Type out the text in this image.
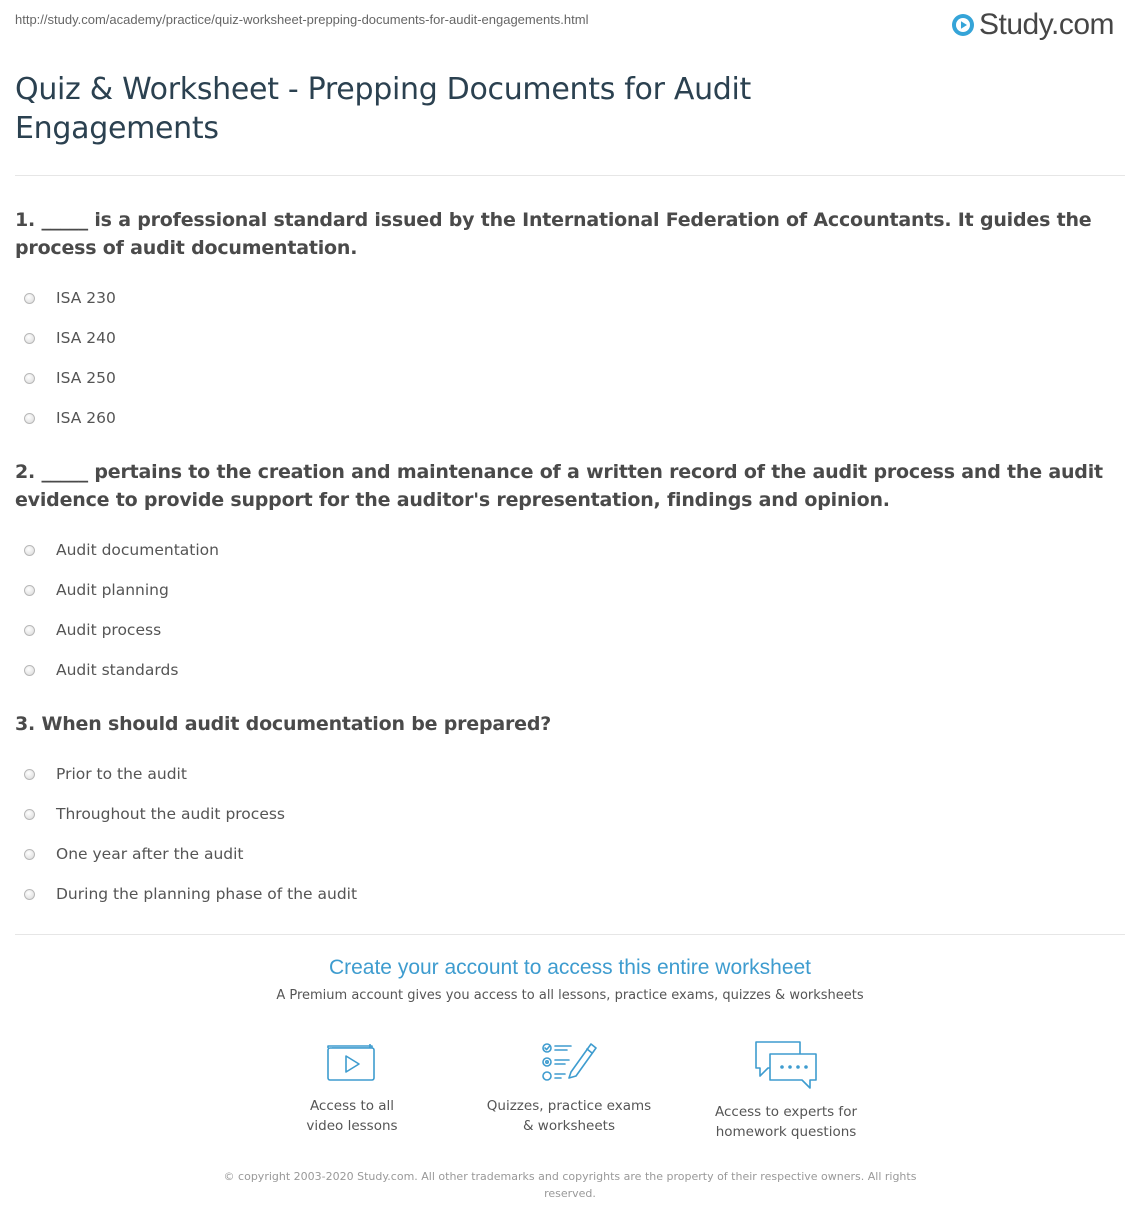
http://study.com/academy/practice/quiz-worksheet-prepping-documents-for-audit-engagements.html	Study.com
Quiz & Worksheet - Prepping Documents for Audit Engagements
1. _____ is a professional standard issued by the International Federation of Accountants. It guides the process of audit documentation.
ISA 230
ISA 240
ISA 250
ISA 260
2. _____ pertains to the creation and maintenance of a written record of the audit process and the audit evidence to provide support for the auditor's representation, findings and opinion.
Audit documentation
Audit planning
Audit process
Audit standards
3. When should audit documentation be prepared?
Prior to the audit
Throughout the audit process
One year after the audit
During the planning phase of the audit
Create your account to access this entire worksheet
A Premium account gives you access to all lessons, practice exams, quizzes & worksheets
Access to all
video lessons
Quizzes, practice exams
& worksheets
Access to experts for
homework questions
© copyright 2003-2020 Study.com. All other trademarks and copyrights are the property of their respective owners. All rights reserved.
